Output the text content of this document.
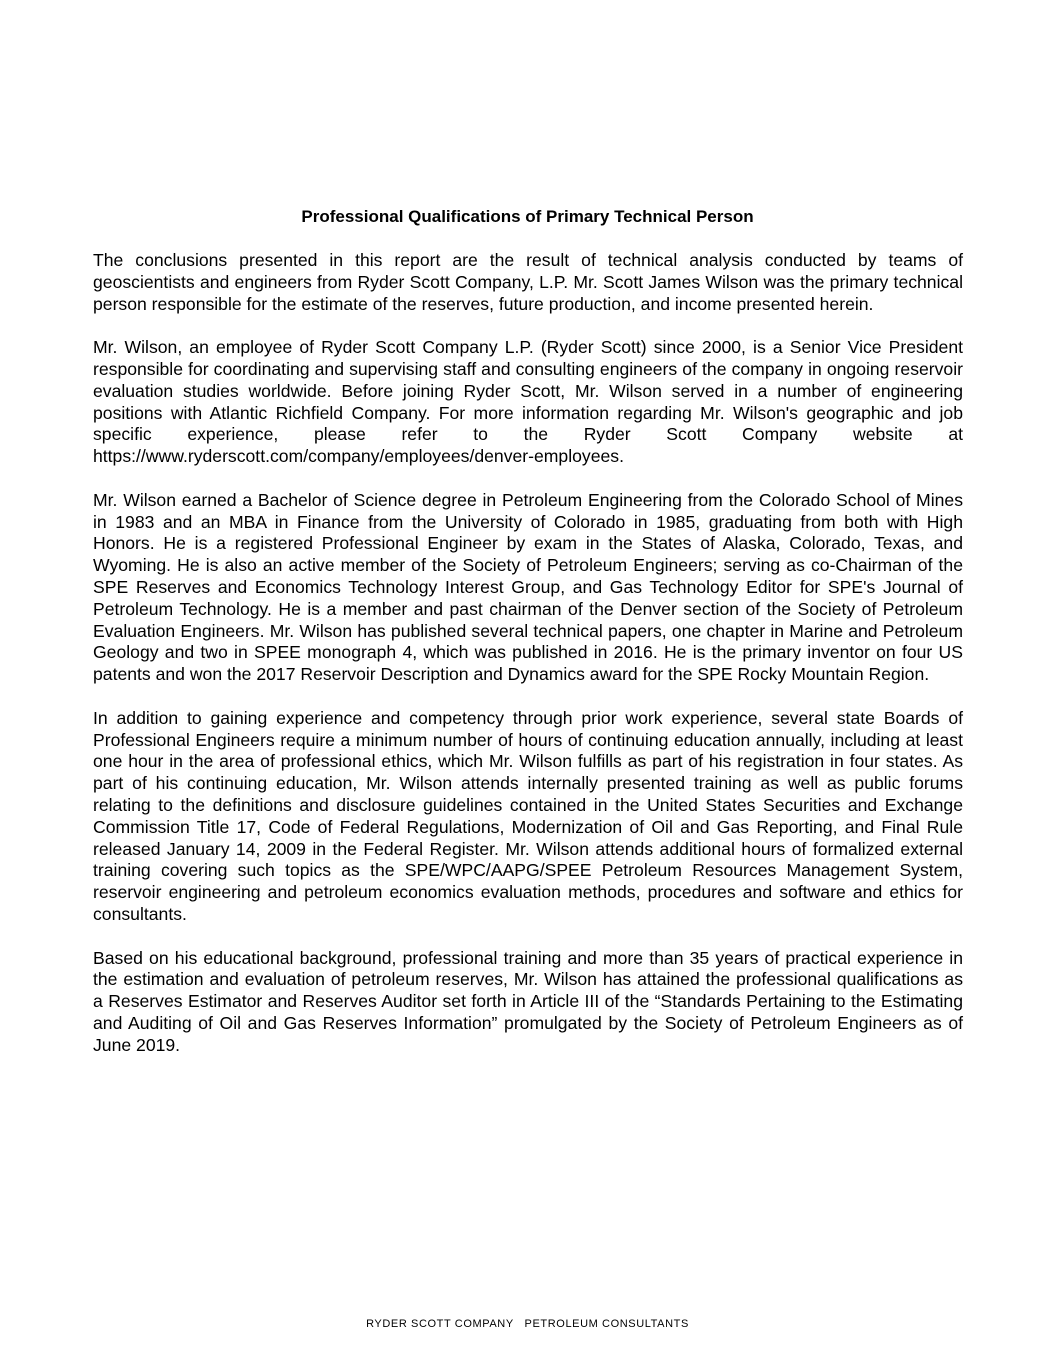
Professional Qualifications of Primary Technical Person

The conclusions presented in this report are the result of technical analysis conducted by teams of geoscientists and engineers from Ryder Scott Company, L.P. Mr. Scott James Wilson was the primary technical person responsible for the estimate of the reserves, future production, and income presented herein.

Mr. Wilson, an employee of Ryder Scott Company L.P. (Ryder Scott) since 2000, is a Senior Vice President responsible for coordinating and supervising staff and consulting engineers of the company in ongoing reservoir evaluation studies worldwide. Before joining Ryder Scott, Mr. Wilson served in a number of engineering positions with Atlantic Richfield Company. For more information regarding Mr. Wilson's geographic and job specific experience, please refer to the Ryder Scott Company website at https://www.ryderscott.com/company/employees/denver-employees.

Mr. Wilson earned a Bachelor of Science degree in Petroleum Engineering from the Colorado School of Mines in 1983 and an MBA in Finance from the University of Colorado in 1985, graduating from both with High Honors. He is a registered Professional Engineer by exam in the States of Alaska, Colorado, Texas, and Wyoming. He is also an active member of the Society of Petroleum Engineers; serving as co-Chairman of the SPE Reserves and Economics Technology Interest Group, and Gas Technology Editor for SPE's Journal of Petroleum Technology. He is a member and past chairman of the Denver section of the Society of Petroleum Evaluation Engineers. Mr. Wilson has published several technical papers, one chapter in Marine and Petroleum Geology and two in SPEE monograph 4, which was published in 2016. He is the primary inventor on four US patents and won the 2017 Reservoir Description and Dynamics award for the SPE Rocky Mountain Region.

In addition to gaining experience and competency through prior work experience, several state Boards of Professional Engineers require a minimum number of hours of continuing education annually, including at least one hour in the area of professional ethics, which Mr. Wilson fulfills as part of his registration in four states. As part of his continuing education, Mr. Wilson attends internally presented training as well as public forums relating to the definitions and disclosure guidelines contained in the United States Securities and Exchange Commission Title 17, Code of Federal Regulations, Modernization of Oil and Gas Reporting, and Final Rule released January 14, 2009 in the Federal Register. Mr. Wilson attends additional hours of formalized external training covering such topics as the SPE/WPC/AAPG/SPEE Petroleum Resources Management System, reservoir engineering and petroleum economics evaluation methods, procedures and software and ethics for consultants.

Based on his educational background, professional training and more than 35 years of practical experience in the estimation and evaluation of petroleum reserves, Mr. Wilson has attained the professional qualifications as a Reserves Estimator and Reserves Auditor set forth in Article III of the “Standards Pertaining to the Estimating and Auditing of Oil and Gas Reserves Information” promulgated by the Society of Petroleum Engineers as of June 2019.

RYDER SCOTT COMPANY   PETROLEUM CONSULTANTS
